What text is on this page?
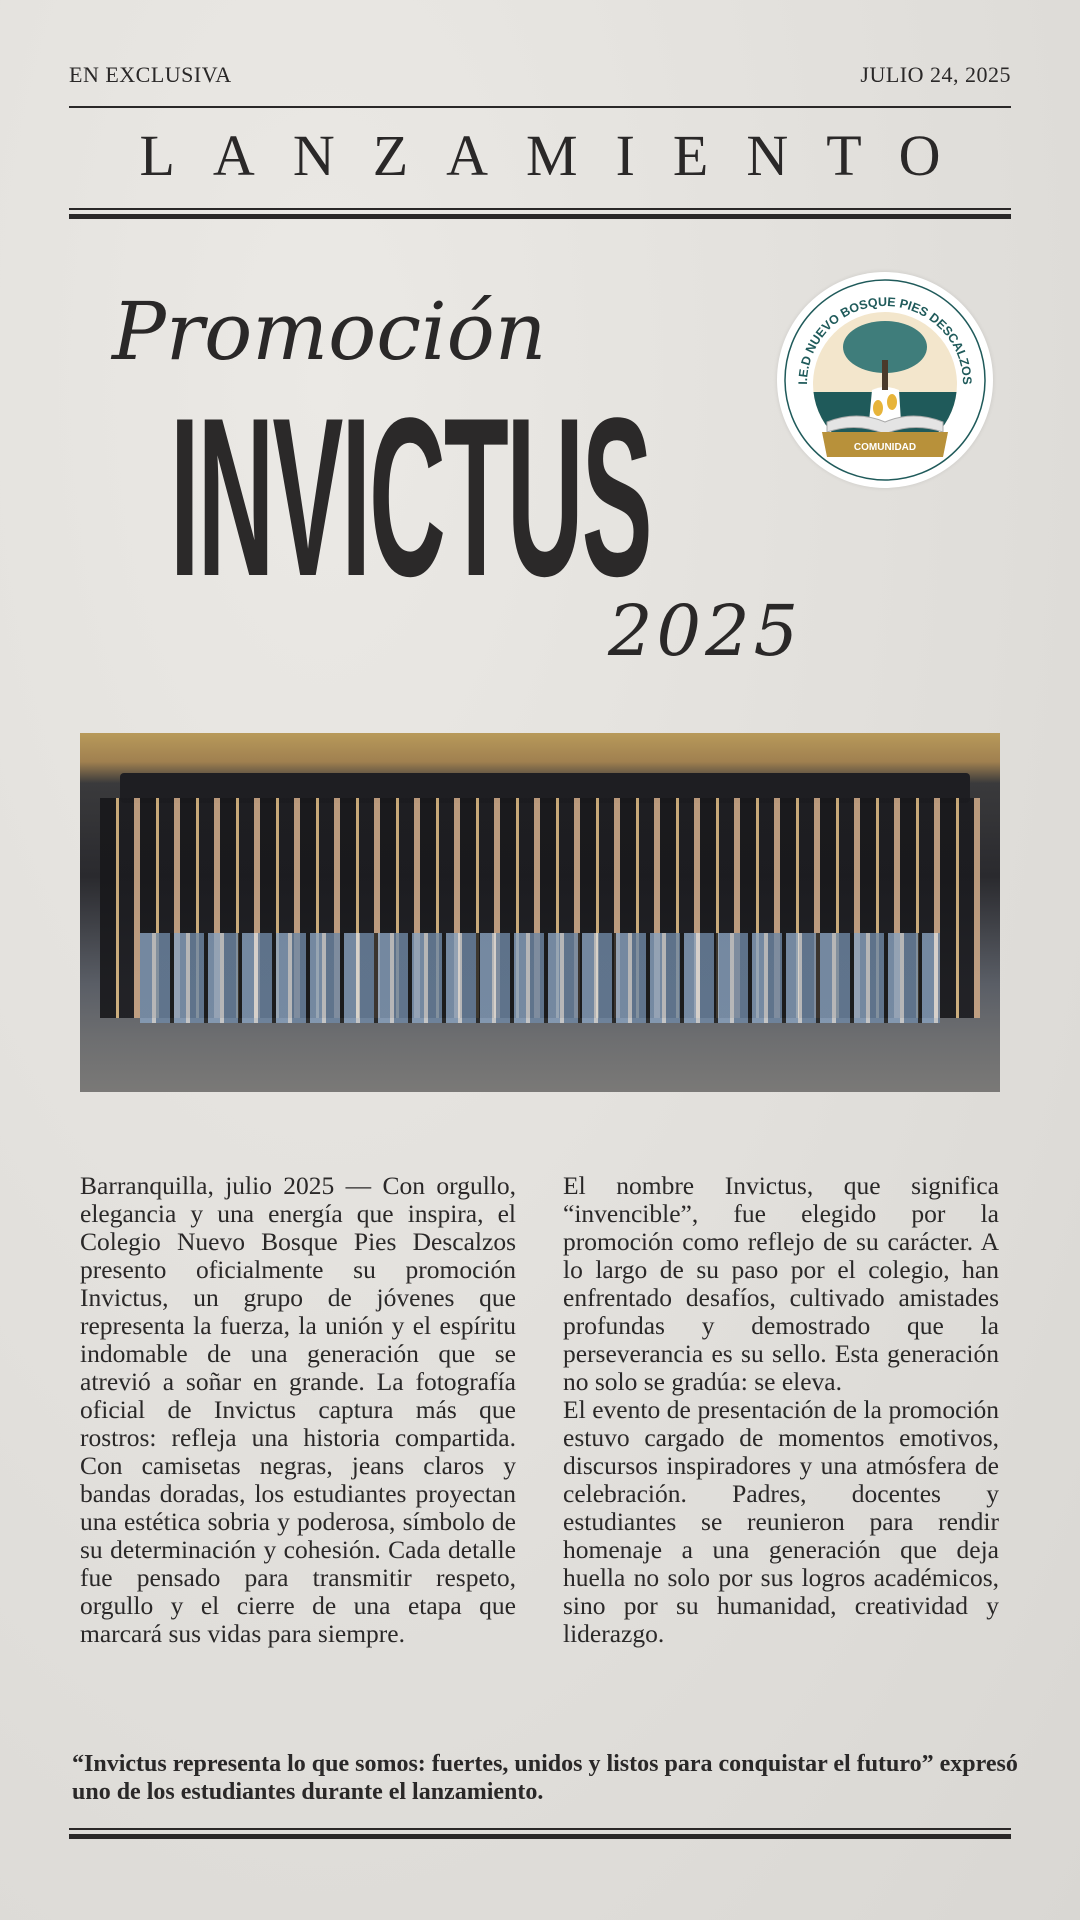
EN EXCLUSIVA	JULIO 24, 2025
LANZAMIENTO
Promoción
INVICTUS
2025
COMUNIDAD
I.E.D NUEVO BOSQUE PIES DESCALZOS
Barranquilla, julio 2025 — Con orgullo, elegancia y una energía que inspira, el Colegio Nuevo Bosque Pies Descalzos presento oficialmente su promoción Invictus, un grupo de jóvenes que representa la fuerza, la unión y el espíritu indomable de una generación que se atrevió a soñar en grande. La fotografía oficial de Invictus captura más que rostros: refleja una historia compartida. Con camisetas negras, jeans claros y bandas doradas, los estudiantes proyectan una estética sobria y poderosa, símbolo de su determinación y cohesión. Cada detalle fue pensado para transmitir respeto, orgullo y el cierre de una etapa que marcará sus vidas para siempre.
El nombre Invictus, que significa “invencible”, fue elegido por la promoción como reflejo de su carácter. A lo largo de su paso por el colegio, han enfrentado desafíos, cultivado amistades profundas y demostrado que la perseverancia es su sello. Esta generación no solo se gradúa: se eleva.
El evento de presentación de la promoción estuvo cargado de momentos emotivos, discursos inspiradores y una atmósfera de celebración. Padres, docentes y estudiantes se reunieron para rendir homenaje a una generación que deja huella no solo por sus logros académicos, sino por su humanidad, creatividad y liderazgo.
“Invictus representa lo que somos: fuertes, unidos y listos para conquistar el futuro” expresó uno de los estudiantes durante el lanzamiento.
